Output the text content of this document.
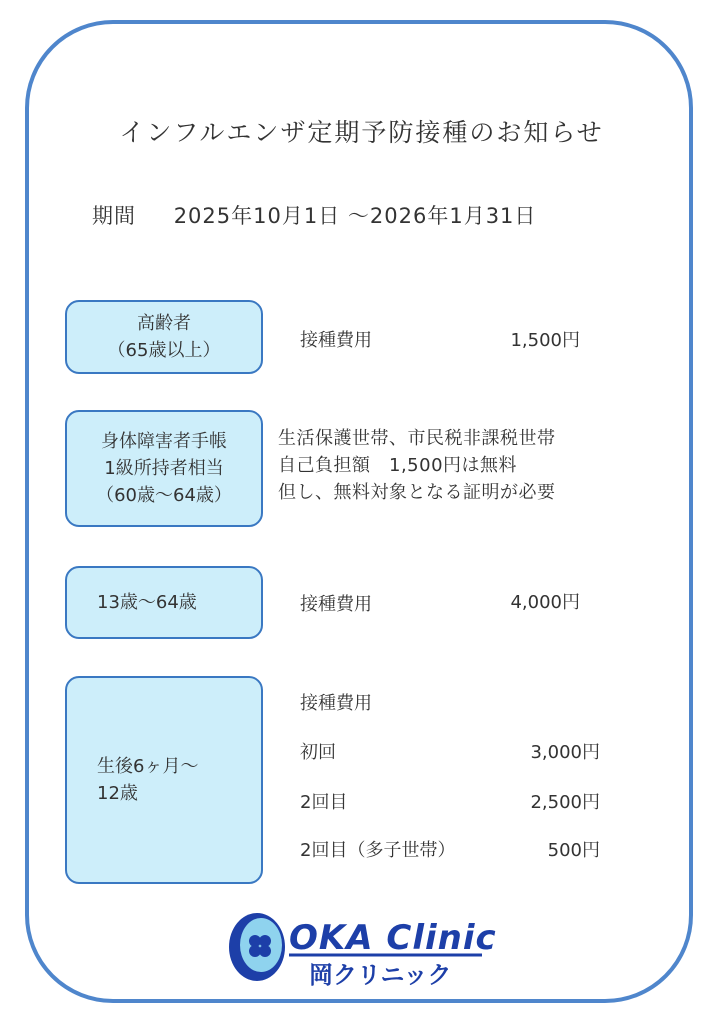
インフルエンザ定期予防接種のお知らせ
期間 2025年10月1日 〜2026年1月31日
高齢者
（65歳以上）	接種費用	1,500円
身体障害者手帳
1級所持者相当
（60歳〜64歳）
生活保護世帯、市民税非課税世帯
自己負担額　1,500円は無料
但し、無料対象となる証明が必要
13歳〜64歳	接種費用	4,000円
生後6ヶ月〜
12歳
接種費用
初回	3,000円
2回目	2,500円
2回目（多子世帯）	500円
OKA Clinic
岡クリニック
